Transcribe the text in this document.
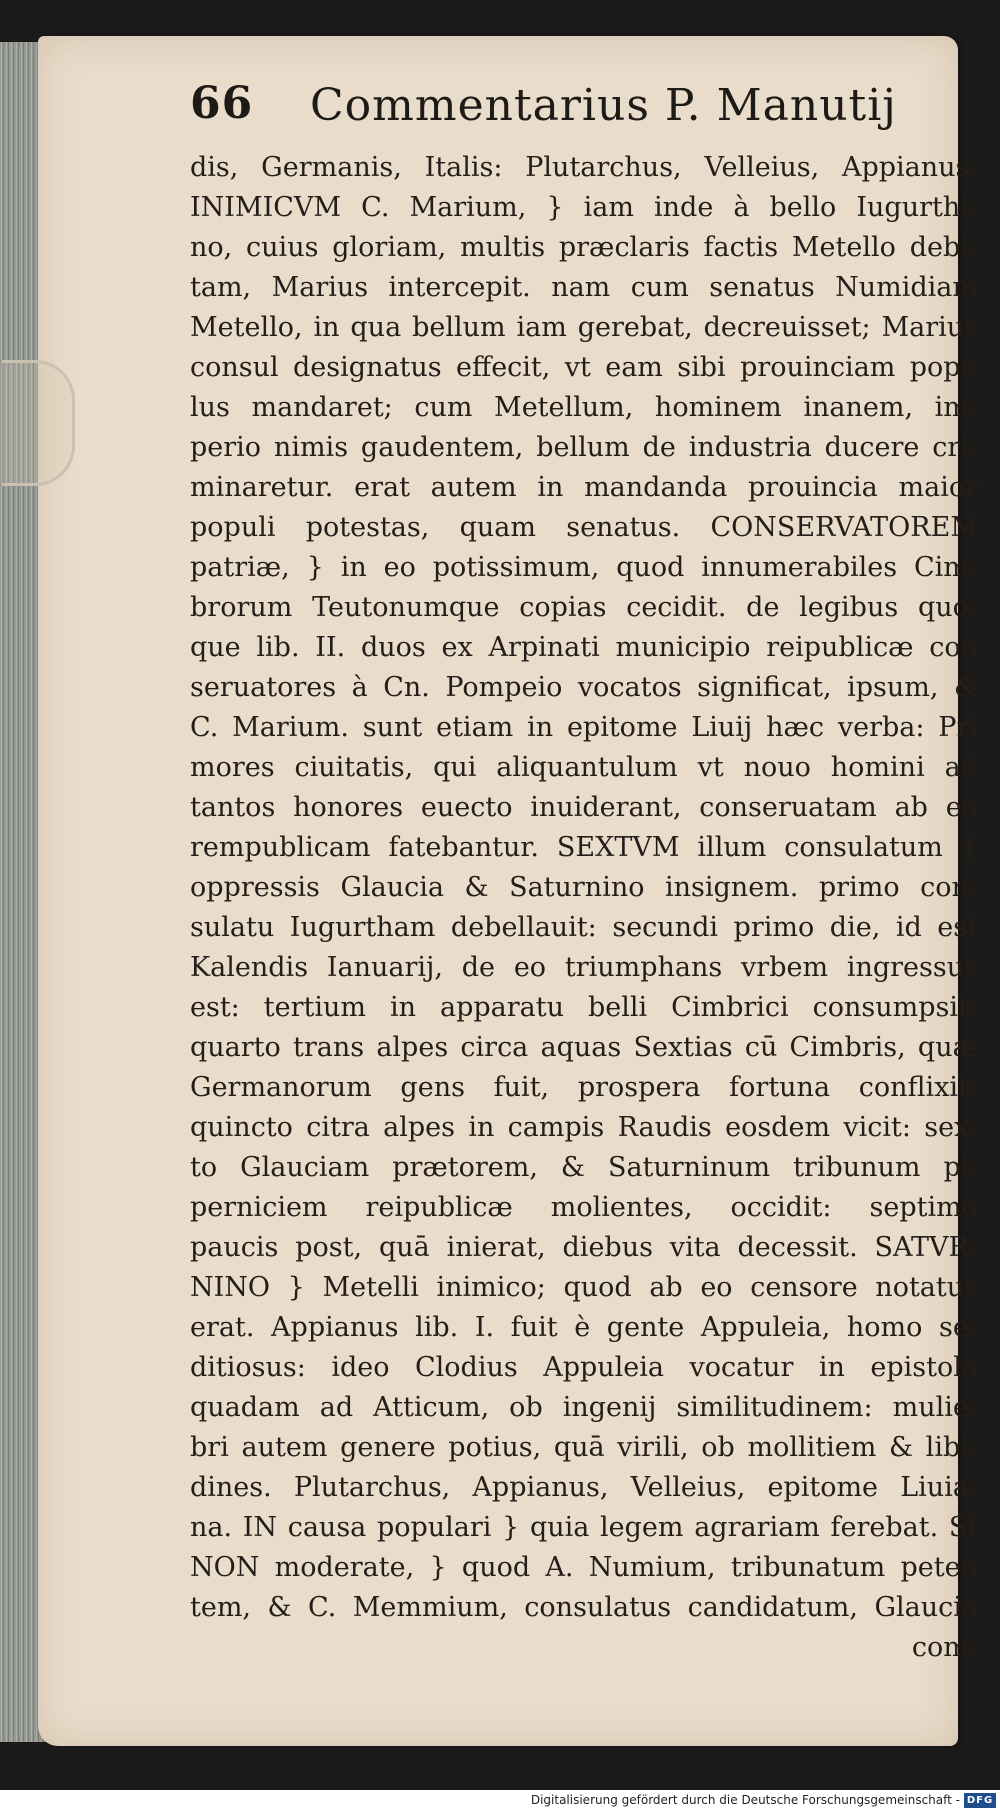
66 Commentarius P. Manutij
dis, Germanis, Italis: Plutarchus, Velleius, Appianus.
INIMICVM C. Marium, } iam inde à bello Iugurthi-
no, cuius gloriam, multis præclaris factis Metello debi-
tam, Marius intercepit. nam cum senatus Numidiam
Metello, in qua bellum iam gerebat, decreuisset; Marius
consul designatus effecit, vt eam sibi prouinciam popu
lus mandaret; cum Metellum, hominem inanem, im-
perio nimis gaudentem, bellum de industria ducere cri-
minaretur. erat autem in mandanda prouincia maior
populi potestas, quam senatus. CONSERVATOREM
patriæ, } in eo potissimum, quod innumerabiles Cim-
brorum Teutonumque copias cecidit. de legibus quo-
que lib. II. duos ex Arpinati municipio reipublicæ con
seruatores à Cn. Pompeio vocatos significat, ipsum, &
C. Marium. sunt etiam in epitome Liuij hæc verba: Pri
mores ciuitatis, qui aliquantulum vt nouo homini ad
tantos honores euecto inuiderant, conseruatam ab eo
rempublicam fatebantur. SEXTVM illum consulatum }
oppressis Glaucia & Saturnino insignem. primo con-
sulatu Iugurtham debellauit: secundi primo die, id est
Kalendis Ianuarij, de eo triumphans vrbem ingressus
est: tertium in apparatu belli Cimbrici consumpsit:
quarto trans alpes circa aquas Sextias cū Cimbris, quæ
Germanorum gens fuit, prospera fortuna conflixit:
quincto citra alpes in campis Raudis eosdem vicit: sex-
to Glauciam prætorem, & Saturninum tribunum pl.
perniciem reipublicæ molientes, occidit: septimo
paucis post, quā inierat, diebus vita decessit. SATVR-
NINO } Metelli inimico; quod ab eo censore notatus
erat. Appianus lib. I. fuit è gente Appuleia, homo se-
ditiosus: ideo Clodius Appuleia vocatur in epistola
quadam ad Atticum, ob ingenij similitudinem: mulie-
bri autem genere potius, quā virili, ob mollitiem & libi-
dines. Plutarchus, Appianus, Velleius, epitome Liuia-
na. IN causa populari } quia legem agrariam ferebat. SI
NON moderate, } quod A. Numium, tribunatum peten
tem, & C. Memmium, consulatus candidatum, Glaucia
com-
Digitalisierung gefördert durch die Deutsche Forschungsgemeinschaft - DFG
